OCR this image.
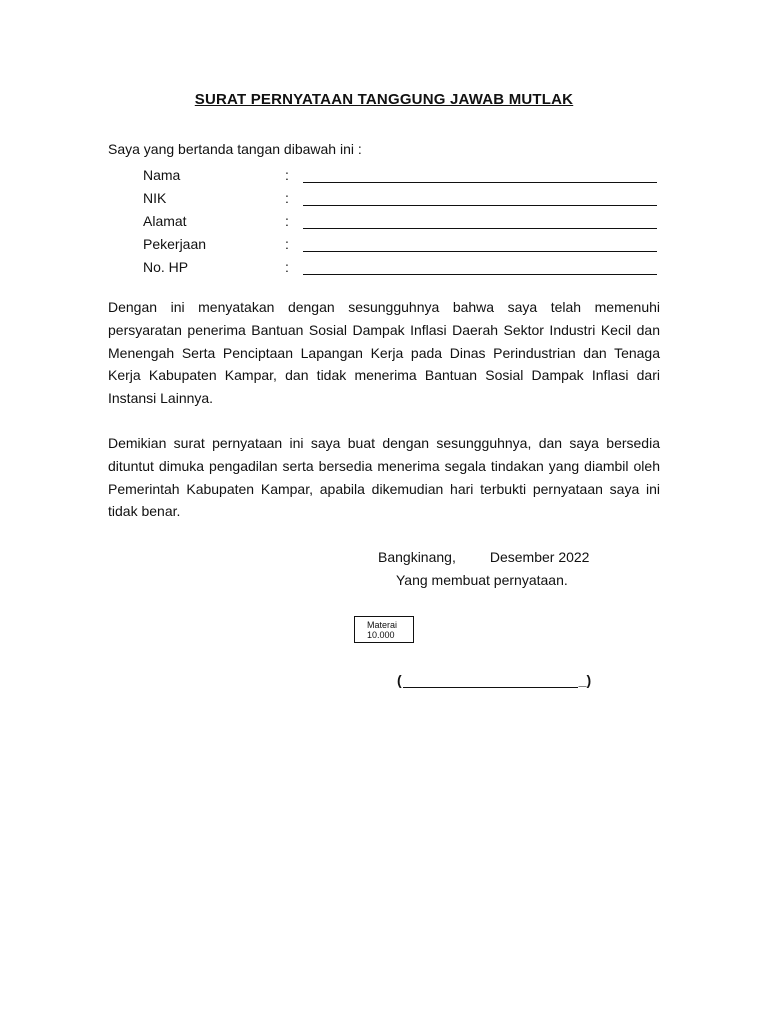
SURAT PERNYATAAN TANGGUNG JAWAB MUTLAK
Saya yang bertanda tangan dibawah ini :
Nama	:
NIK	:
Alamat	:
Pekerjaan	:
No. HP	:
Dengan ini menyatakan dengan sesungguhnya bahwa saya telah memenuhi persyaratan penerima Bantuan Sosial Dampak Inflasi Daerah Sektor Industri Kecil dan Menengah Serta Penciptaan Lapangan Kerja pada Dinas Perindustrian dan Tenaga Kerja Kabupaten Kampar, dan tidak menerima Bantuan Sosial Dampak Inflasi dari Instansi Lainnya.
Demikian surat pernyataan ini saya buat dengan sesungguhnya, dan saya bersedia dituntut dimuka pengadilan serta bersedia menerima segala tindakan yang diambil oleh Pemerintah Kabupaten Kampar, apabila dikemudian hari terbukti pernyataan saya ini tidak benar.
Bangkinang, Desember 2022
Yang membuat pernyataan.
Materai
10.000
(	_)
